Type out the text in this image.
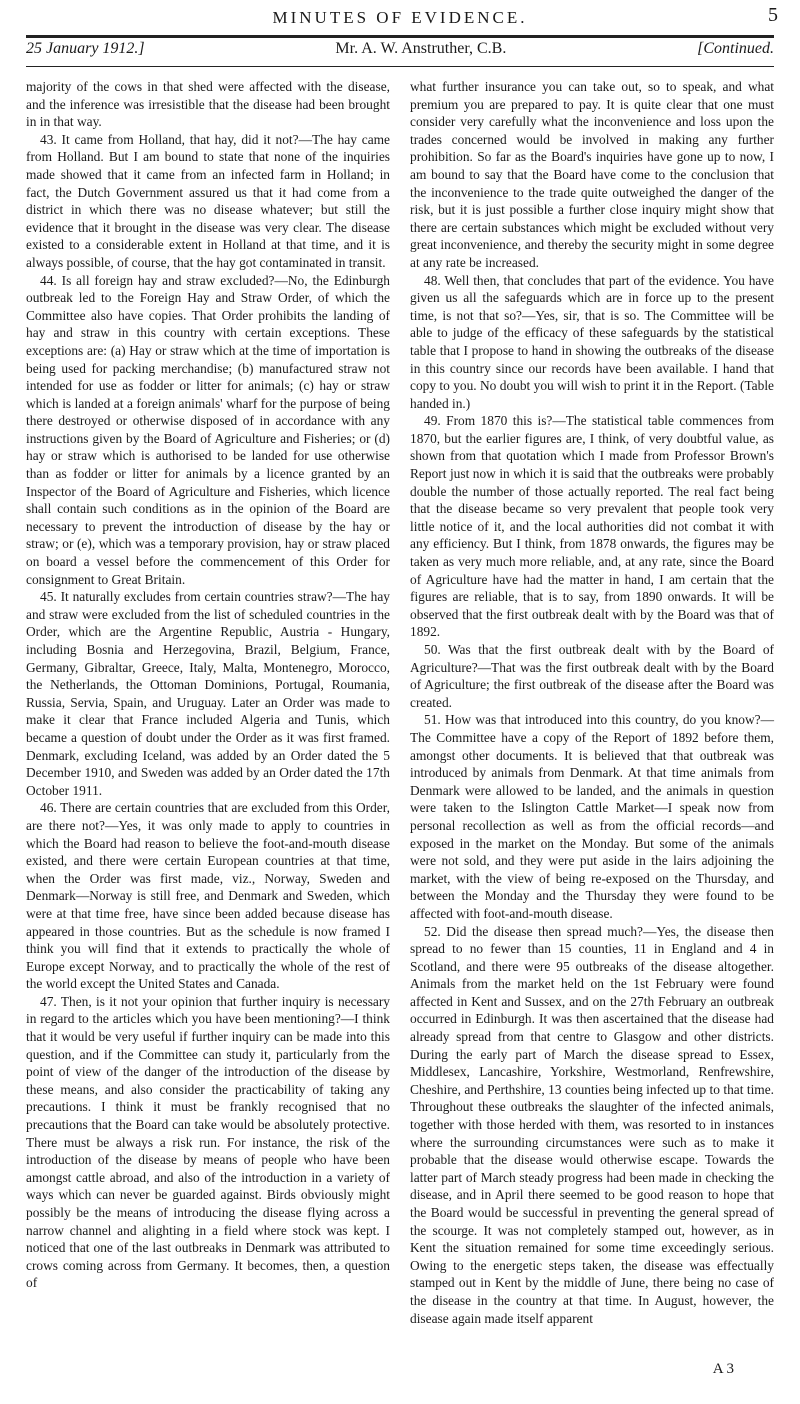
MINUTES OF EVIDENCE.	5
25 January 1912.]	Mr. A. W. Anstruther, C.B.	[Continued.

majority of the cows in that shed were affected with the disease, and the inference was irresistible that the disease had been brought in in that way.

43. It came from Holland, that hay, did it not?—The hay came from Holland. But I am bound to state that none of the inquiries made showed that it came from an infected farm in Holland; in fact, the Dutch Government assured us that it had come from a district in which there was no disease whatever; but still the evidence that it brought in the disease was very clear. The disease existed to a considerable extent in Holland at that time, and it is always possible, of course, that the hay got contaminated in transit.

44. Is all foreign hay and straw excluded?—No, the Edinburgh outbreak led to the Foreign Hay and Straw Order, of which the Committee also have copies. That Order prohibits the landing of hay and straw in this country with certain exceptions. These exceptions are: (a) Hay or straw which at the time of importation is being used for packing merchandise; (b) manufactured straw not intended for use as fodder or litter for animals; (c) hay or straw which is landed at a foreign animals' wharf for the purpose of being there destroyed or otherwise disposed of in accordance with any instructions given by the Board of Agriculture and Fisheries; or (d) hay or straw which is authorised to be landed for use otherwise than as fodder or litter for animals by a licence granted by an Inspector of the Board of Agriculture and Fisheries, which licence shall contain such conditions as in the opinion of the Board are necessary to prevent the introduction of disease by the hay or straw; or (e), which was a temporary provision, hay or straw placed on board a vessel before the commencement of this Order for consignment to Great Britain.

45. It naturally excludes from certain countries straw?—The hay and straw were excluded from the list of scheduled countries in the Order, which are the Argentine Republic, Austria - Hungary, including Bosnia and Herzegovina, Brazil, Belgium, France, Germany, Gibraltar, Greece, Italy, Malta, Montenegro, Morocco, the Netherlands, the Ottoman Dominions, Portugal, Roumania, Russia, Servia, Spain, and Uruguay. Later an Order was made to make it clear that France included Algeria and Tunis, which became a question of doubt under the Order as it was first framed. Denmark, excluding Iceland, was added by an Order dated the 5 December 1910, and Sweden was added by an Order dated the 17th October 1911.

46. There are certain countries that are excluded from this Order, are there not?—Yes, it was only made to apply to countries in which the Board had reason to believe the foot-and-mouth disease existed, and there were certain European countries at that time, when the Order was first made, viz., Norway, Sweden and Denmark—Norway is still free, and Denmark and Sweden, which were at that time free, have since been added because disease has appeared in those countries. But as the schedule is now framed I think you will find that it extends to practically the whole of Europe except Norway, and to practically the whole of the rest of the world except the United States and Canada.

47. Then, is it not your opinion that further inquiry is necessary in regard to the articles which you have been mentioning?—I think that it would be very useful if further inquiry can be made into this question, and if the Committee can study it, particularly from the point of view of the danger of the introduction of the disease by these means, and also consider the practicability of taking any precautions. I think it must be frankly recognised that no precautions that the Board can take would be absolutely protective. There must be always a risk run. For instance, the risk of the introduction of the disease by means of people who have been amongst cattle abroad, and also of the introduction in a variety of ways which can never be guarded against. Birds obviously might possibly be the means of introducing the disease flying across a narrow channel and alighting in a field where stock was kept. I noticed that one of the last outbreaks in Denmark was attributed to crows coming across from Germany. It becomes, then, a question of

what further insurance you can take out, so to speak, and what premium you are prepared to pay. It is quite clear that one must consider very carefully what the inconvenience and loss upon the trades concerned would be involved in making any further prohibition. So far as the Board's inquiries have gone up to now, I am bound to say that the Board have come to the conclusion that the inconvenience to the trade quite outweighed the danger of the risk, but it is just possible a further close inquiry might show that there are certain substances which might be excluded without very great inconvenience, and thereby the security might in some degree at any rate be increased.

48. Well then, that concludes that part of the evidence. You have given us all the safeguards which are in force up to the present time, is not that so?—Yes, sir, that is so. The Committee will be able to judge of the efficacy of these safeguards by the statistical table that I propose to hand in showing the outbreaks of the disease in this country since our records have been available. I hand that copy to you. No doubt you will wish to print it in the Report. (Table handed in.)

49. From 1870 this is?—The statistical table commences from 1870, but the earlier figures are, I think, of very doubtful value, as shown from that quotation which I made from Professor Brown's Report just now in which it is said that the outbreaks were probably double the number of those actually reported. The real fact being that the disease became so very prevalent that people took very little notice of it, and the local authorities did not combat it with any efficiency. But I think, from 1878 onwards, the figures may be taken as very much more reliable, and, at any rate, since the Board of Agriculture have had the matter in hand, I am certain that the figures are reliable, that is to say, from 1890 onwards. It will be observed that the first outbreak dealt with by the Board was that of 1892.

50. Was that the first outbreak dealt with by the Board of Agriculture?—That was the first outbreak dealt with by the Board of Agriculture; the first outbreak of the disease after the Board was created.

51. How was that introduced into this country, do you know?—The Committee have a copy of the Report of 1892 before them, amongst other documents. It is believed that that outbreak was introduced by animals from Denmark. At that time animals from Denmark were allowed to be landed, and the animals in question were taken to the Islington Cattle Market—I speak now from personal recollection as well as from the official records—and exposed in the market on the Monday. But some of the animals were not sold, and they were put aside in the lairs adjoining the market, with the view of being re-exposed on the Thursday, and between the Monday and the Thursday they were found to be affected with foot-and-mouth disease.

52. Did the disease then spread much?—Yes, the disease then spread to no fewer than 15 counties, 11 in England and 4 in Scotland, and there were 95 outbreaks of the disease altogether. Animals from the market held on the 1st February were found affected in Kent and Sussex, and on the 27th February an outbreak occurred in Edinburgh. It was then ascertained that the disease had already spread from that centre to Glasgow and other districts. During the early part of March the disease spread to Essex, Middlesex, Lancashire, Yorkshire, Westmorland, Renfrewshire, Cheshire, and Perthshire, 13 counties being infected up to that time. Throughout these outbreaks the slaughter of the infected animals, together with those herded with them, was resorted to in instances where the surrounding circumstances were such as to make it probable that the disease would otherwise escape. Towards the latter part of March steady progress had been made in checking the disease, and in April there seemed to be good reason to hope that the Board would be successful in preventing the general spread of the scourge. It was not completely stamped out, however, as in Kent the situation remained for some time exceedingly serious. Owing to the energetic steps taken, the disease was effectually stamped out in Kent by the middle of June, there being no case of the disease in the country at that time. In August, however, the disease again made itself apparent

A 3
